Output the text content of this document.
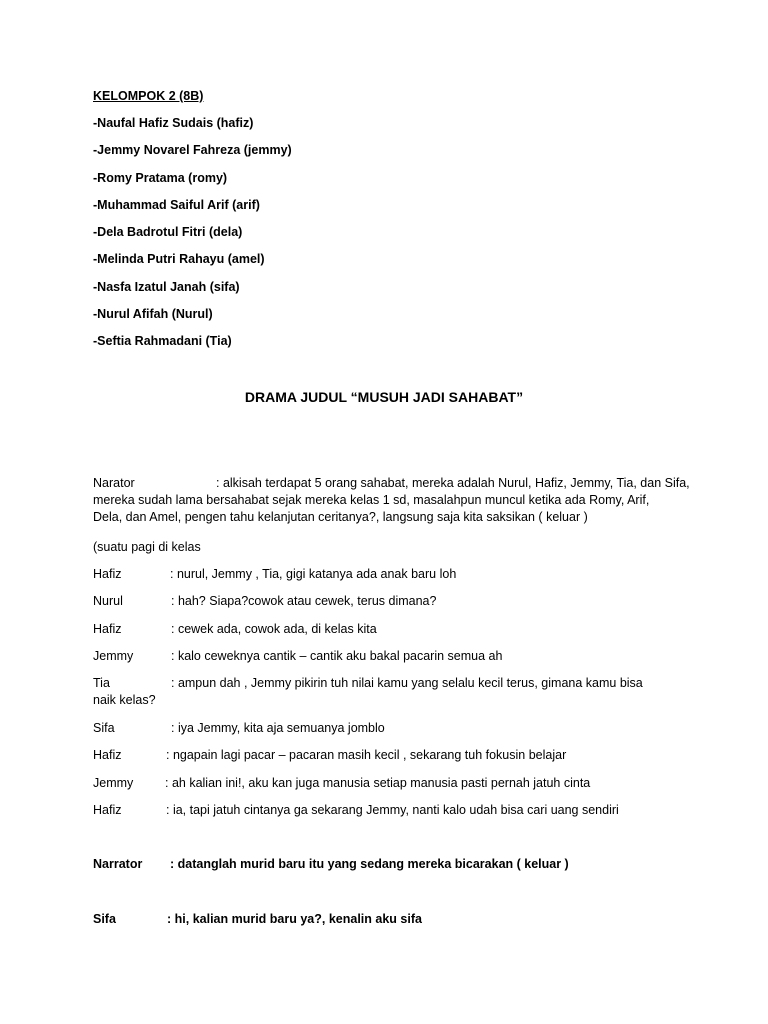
KELOMPOK 2 (8B)
-Naufal Hafiz Sudais (hafiz)
-Jemmy Novarel Fahreza (jemmy)
-Romy Pratama (romy)
-Muhammad Saiful Arif (arif)
-Dela Badrotul Fitri (dela)
-Melinda Putri Rahayu (amel)
-Nasfa Izatul Janah (sifa)
-Nurul Afifah (Nurul)
-Seftia Rahmadani (Tia)
DRAMA JUDUL “MUSUH JADI SAHABAT”
Narator	: alkisah terdapat 5 orang sahabat, mereka adalah Nurul, Hafiz, Jemmy, Tia, dan Sifa,
mereka sudah lama bersahabat sejak mereka kelas 1 sd, masalahpun muncul ketika ada Romy, Arif,
Dela, dan Amel, pengen tahu kelanjutan ceritanya?, langsung saja kita saksikan ( keluar )
(suatu pagi di kelas
Hafiz	: nurul, Jemmy , Tia, gigi katanya ada anak baru loh
Nurul	: hah? Siapa?cowok atau cewek, terus dimana?
Hafiz	: cewek ada, cowok ada, di kelas kita
Jemmy	: kalo ceweknya cantik – cantik aku bakal pacarin semua ah
Tia	: ampun dah , Jemmy pikirin tuh nilai kamu yang selalu kecil terus, gimana kamu bisa
naik kelas?
Sifa	: iya Jemmy, kita aja semuanya jomblo
Hafiz	: ngapain lagi pacar – pacaran masih kecil , sekarang tuh fokusin belajar
Jemmy	: ah kalian ini!, aku kan juga manusia setiap manusia pasti pernah jatuh cinta
Hafiz	: ia, tapi jatuh cintanya ga sekarang Jemmy, nanti kalo udah bisa cari uang sendiri
Narrator	: datanglah murid baru itu yang sedang mereka bicarakan ( keluar )
Sifa	: hi, kalian murid baru ya?, kenalin aku sifa
